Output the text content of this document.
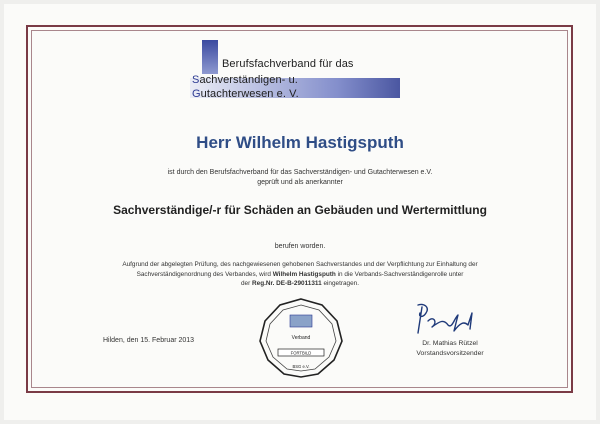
Berufsfachverband für das
Sachverständigen- u.
Gutachterwesen e. V.
Herr Wilhelm Hastigsputh
ist durch den Berufsfachverband für das Sachverständigen- und Gutachterwesen e.V.
geprüft und als anerkannter
Sachverständige/-r für Schäden an Gebäuden und Wertermittlung
berufen worden.
Aufgrund der abgelegten Prüfung, des nachgewiesenen gehobenen Sachverstandes und der Verpflichtung zur Einhaltung der
Sachverständigenordnung des Verbandes, wird Wilhelm Hastigsputh in die Verbands-Sachverständigenrolle unter
der Reg.Nr. DE-B-29011311 eingetragen.
Hilden, den 15. Februar 2013	Verband
FORTBILD
BSG e.V.
Dr. Mathias Rützel
Vorstandsvorsitzender
